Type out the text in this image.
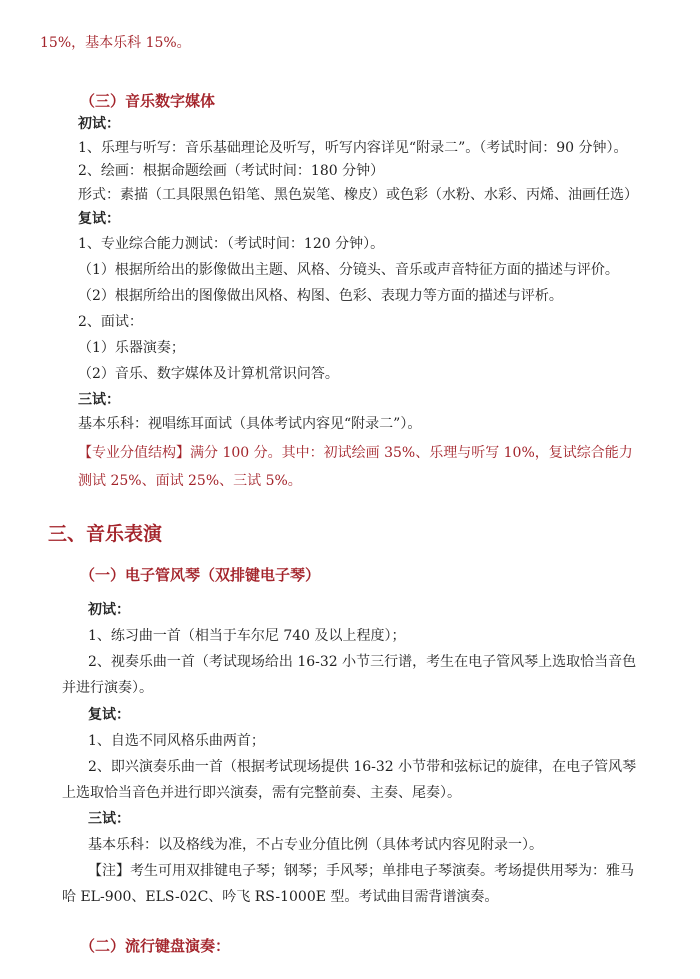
15%，基本乐科 15%。
（三）音乐数字媒体
初试：
1、乐理与听写：音乐基础理论及听写，听写内容详见“附录二”。（考试时间：90 分钟）。
2、绘画：根据命题绘画（考试时间：180 分钟）
形式：素描（工具限黑色铅笔、黑色炭笔、橡皮）或色彩（水粉、水彩、丙烯、油画任选）
复试：
1、专业综合能力测试：（考试时间：120 分钟）。
（1）根据所给出的影像做出主题、风格、分镜头、音乐或声音特征方面的描述与评价。
（2）根据所给出的图像做出风格、构图、色彩、表现力等方面的描述与评析。
2、面试：
（1）乐器演奏；
（2）音乐、数字媒体及计算机常识问答。
三试：
基本乐科：视唱练耳面试（具体考试内容见“附录二”）。
【专业分值结构】满分 100 分。其中：初试绘画 35%、乐理与听写 10%，复试综合能力
测试 25%、面试 25%、三试 5%。
三、音乐表演
（一）电子管风琴（双排键电子琴）
初试：
1、练习曲一首（相当于车尔尼 740 及以上程度）；
2、视奏乐曲一首（考试现场给出 16-32 小节三行谱，考生在电子管风琴上选取恰当音色
并进行演奏）。
复试：
1、自选不同风格乐曲两首；
2、即兴演奏乐曲一首（根据考试现场提供 16-32 小节带和弦标记的旋律，在电子管风琴
上选取恰当音色并进行即兴演奏，需有完整前奏、主奏、尾奏）。
三试：
基本乐科：以及格线为准，不占专业分值比例（具体考试内容见附录一）。
【注】考生可用双排键电子琴；钢琴；手风琴；单排电子琴演奏。考场提供用琴为：雅马
哈 EL-900、ELS-02C、吟飞 RS-1000E 型。考试曲目需背谱演奏。
（二）流行键盘演奏：
